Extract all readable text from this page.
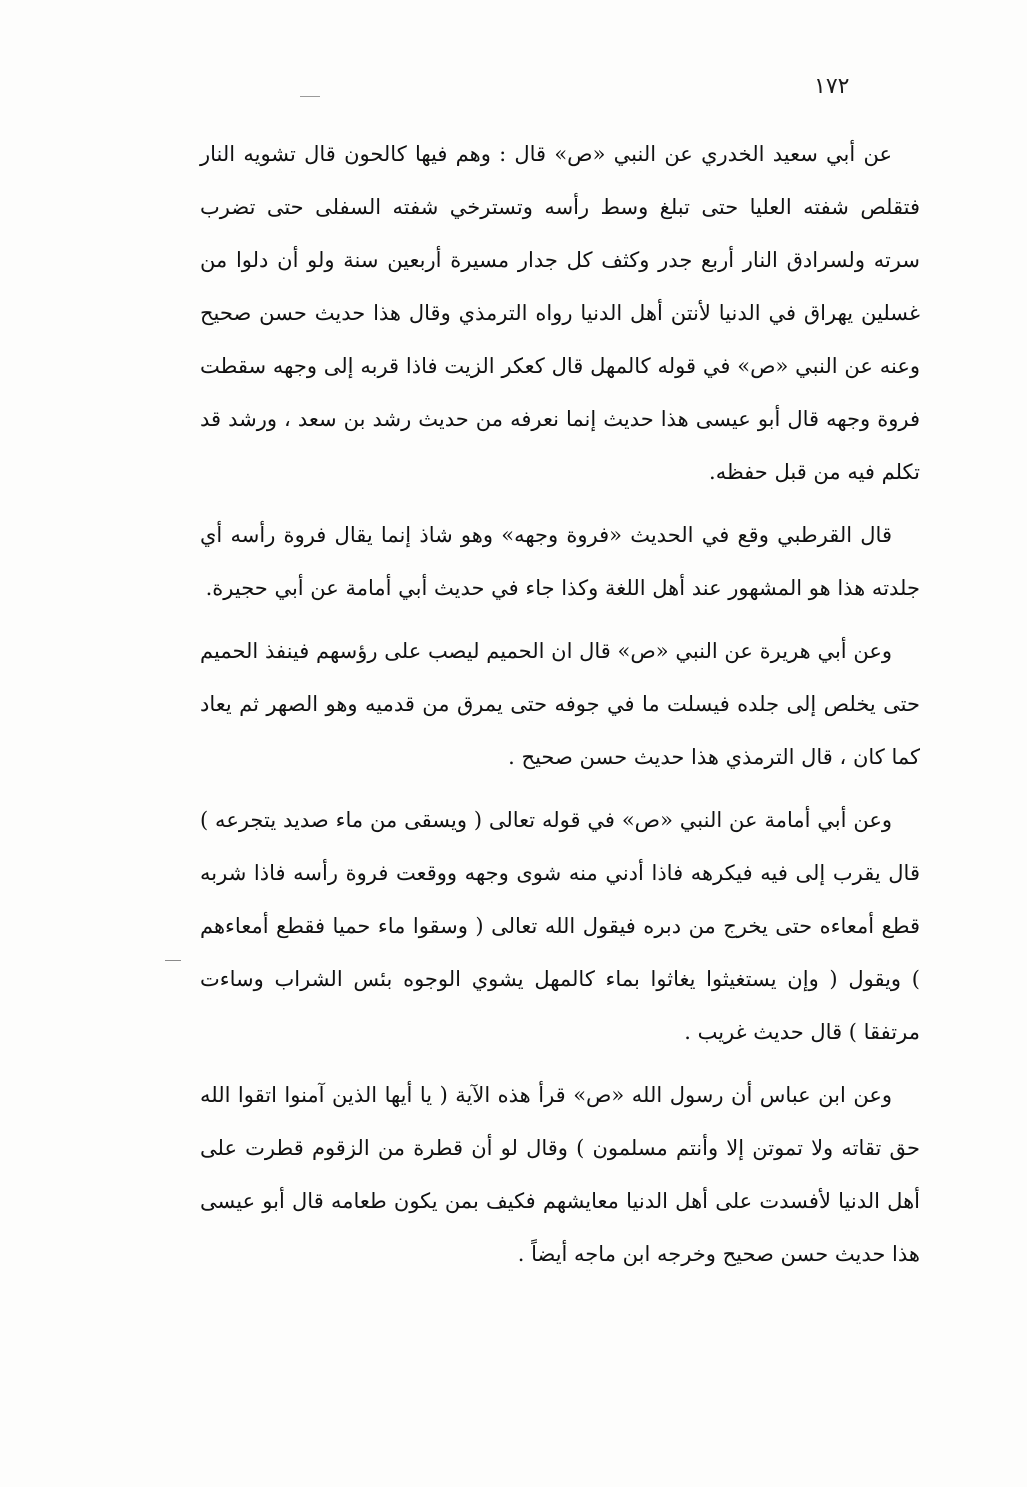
١٧٢

عن أبي سعيد الخدري عن النبي «ص» قال : وهم فيها كالحون قال تشويه النار فتقلص شفته العليا حتى تبلغ وسط رأسه وتسترخي شفته السفلى حتى تضرب سرته ولسرادق النار أربع جدر وكثف كل جدار مسيرة أربعين سنة ولو أن دلوا من غسلين يهراق في الدنيا لأنتن أهل الدنيا رواه الترمذي وقال هذا حديث حسن صحيح وعنه عن النبي «ص» في قوله كالمهل قال كعكر الزيت فاذا قربه إلى وجهه سقطت فروة وجهه قال أبو عيسى هذا حديث إنما نعرفه من حديث رشد بن سعد ، ورشد قد تكلم فيه من قبل حفظه.

قال القرطبي وقع في الحديث «فروة وجهه» وهو شاذ إنما يقال فروة رأسه أي جلدته هذا هو المشهور عند أهل اللغة وكذا جاء في حديث أبي أمامة عن أبي حجيرة.

وعن أبي هريرة عن النبي «ص» قال ان الحميم ليصب على رؤسهم فينفذ الحميم حتى يخلص إلى جلده فيسلت ما في جوفه حتى يمرق من قدميه وهو الصهر ثم يعاد كما كان ، قال الترمذي هذا حديث حسن صحيح .

وعن أبي أمامة عن النبي «ص» في قوله تعالى ( ويسقى من ماء صديد يتجرعه ) قال يقرب إلى فيه فيكرهه فاذا أدني منه شوى وجهه ووقعت فروة رأسه فاذا شربه قطع أمعاءه حتى يخرج من دبره فيقول الله تعالى ( وسقوا ماء حميا فقطع أمعاءهم ) ويقول ( وإن يستغيثوا يغاثوا بماء كالمهل يشوي الوجوه بئس الشراب وساءت مرتفقا ) قال حديث غريب .

وعن ابن عباس أن رسول الله «ص» قرأ هذه الآية ( يا أيها الذين آمنوا اتقوا الله حق تقاته ولا تموتن إلا وأنتم مسلمون ) وقال لو أن قطرة من الزقوم قطرت على أهل الدنيا لأفسدت على أهل الدنيا معايشهم فكيف بمن يكون طعامه قال أبو عيسى هذا حديث حسن صحيح وخرجه ابن ماجه أيضاً .
